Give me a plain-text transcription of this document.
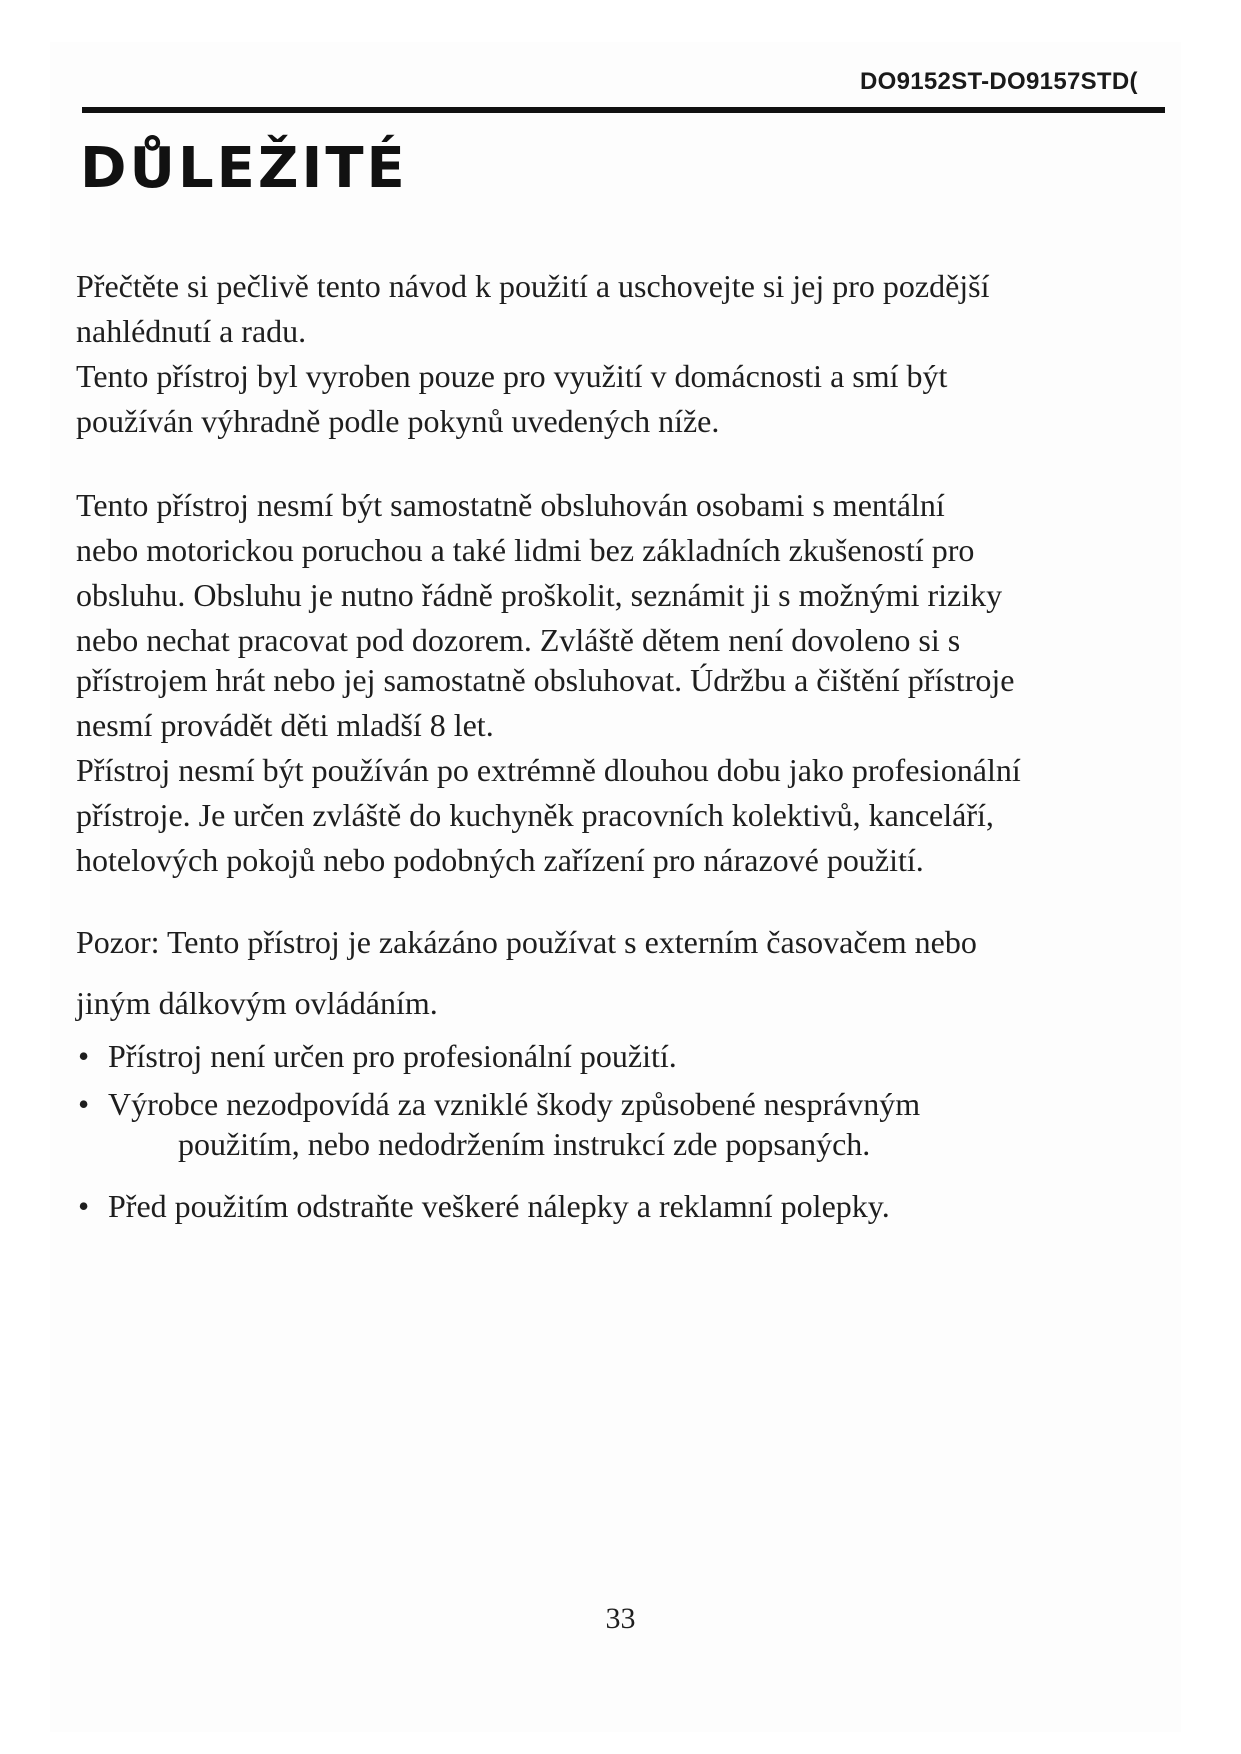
DO9152ST-DO9157STD(
DŮLEŽITÉ

Přečtěte si pečlivě tento návod k použití a uschovejte si jej pro pozdější

nahlédnutí a radu.

Tento přístroj byl vyroben pouze pro využití v domácnosti a smí být

používán výhradně podle pokynů uvedených níže.

Tento přístroj nesmí být samostatně obsluhován osobami s mentální

nebo motorickou poruchou a také lidmi bez základních zkušeností pro

obsluhu. Obsluhu je nutno řádně proškolit, seznámit ji s možnými riziky

nebo nechat pracovat pod dozorem. Zvláště dětem není dovoleno si s

přístrojem hrát nebo jej samostatně obsluhovat. Údržbu a čištění přístroje

nesmí provádět děti mladší 8 let.

Přístroj nesmí být používán po extrémně dlouhou dobu jako profesionální

přístroje. Je určen zvláště do kuchyněk pracovních kolektivů, kanceláří,

hotelových pokojů nebo podobných zařízení pro nárazové použití.

Pozor: Tento přístroj je zakázáno používat s externím časovačem nebo

jiným dálkovým ovládáním.

• Přístroj není určen pro profesionální použití.
• Výrobce nezodpovídá za vzniklé škody způsobené nesprávným
použitím, nebo nedodržením instrukcí zde popsaných.
• Před použitím odstraňte veškeré nálepky a reklamní polepky.
33
